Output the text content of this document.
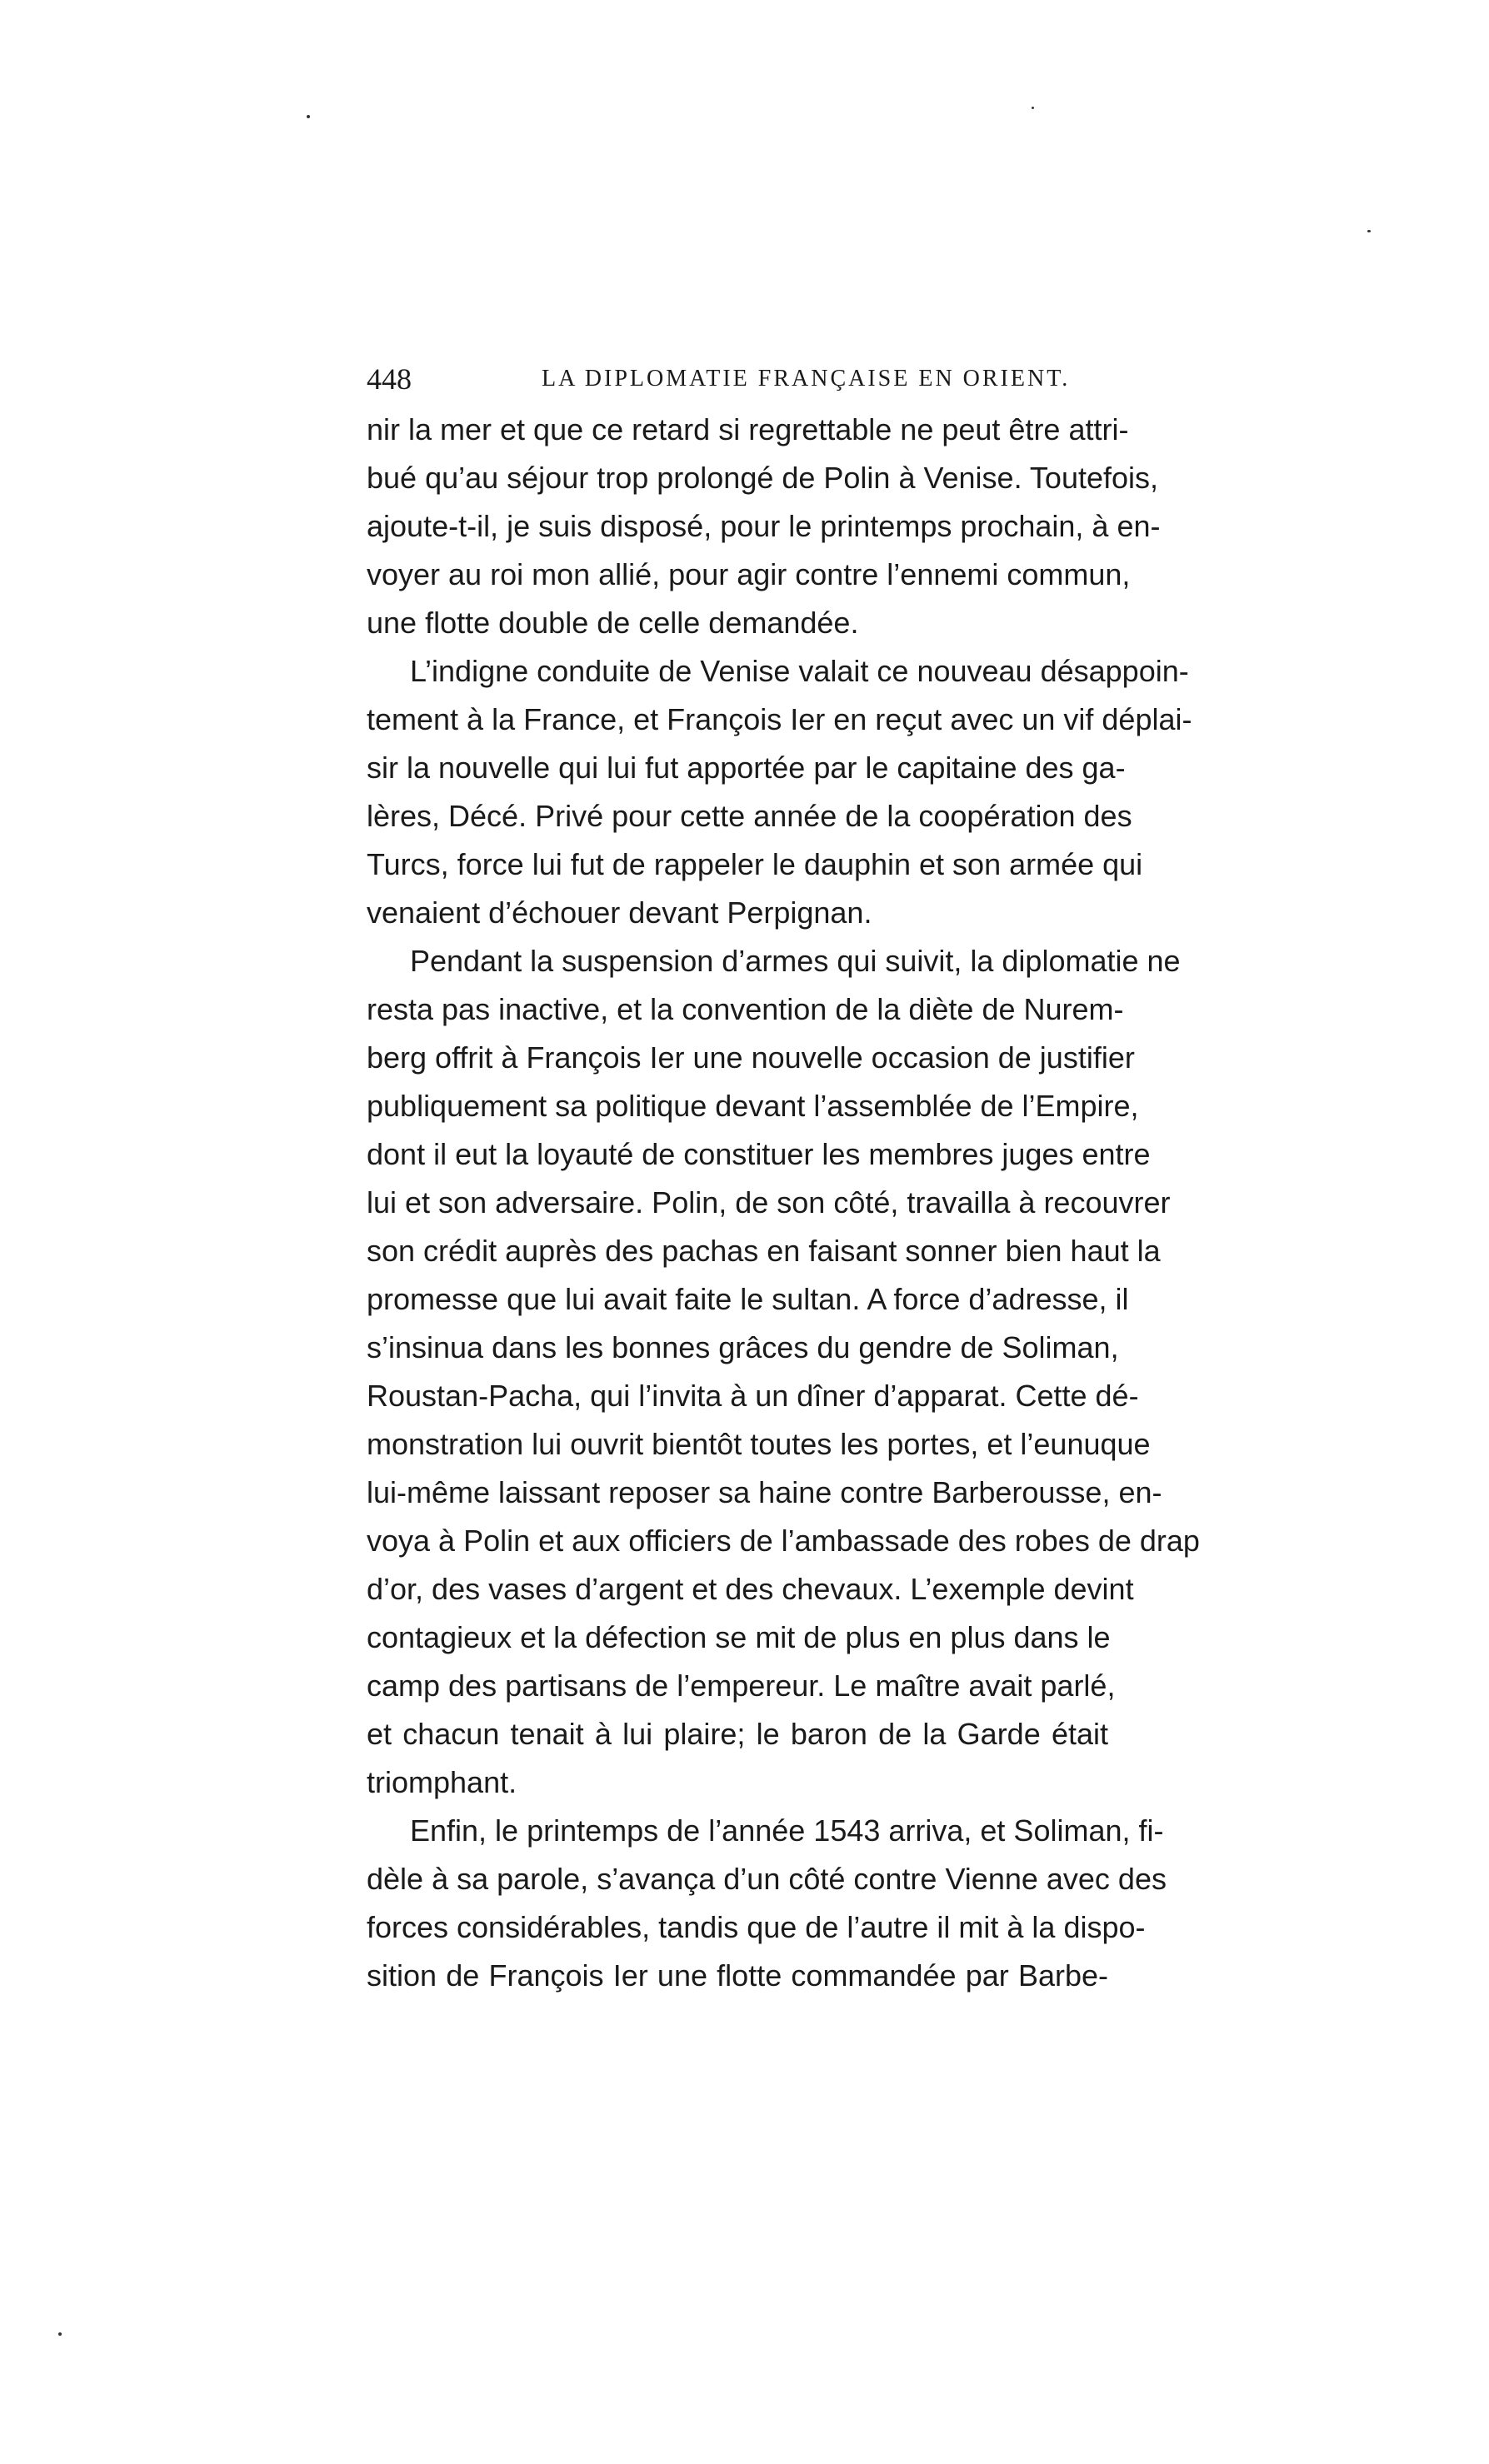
448	LA DIPLOMATIE FRANÇAISE EN ORIENT.
nir la mer et que ce retard si regrettable ne peut être attri-
bué qu’au séjour trop prolongé de Polin à Venise. Toutefois,
ajoute-t-il, je suis disposé, pour le printemps prochain, à en-
voyer au roi mon allié, pour agir contre l’ennemi commun,
une flotte double de celle demandée.
L’indigne conduite de Venise valait ce nouveau désappoin-
tement à la France, et François Ier en reçut avec un vif déplai-
sir la nouvelle qui lui fut apportée par le capitaine des ga-
lères, Décé. Privé pour cette année de la coopération des
Turcs, force lui fut de rappeler le dauphin et son armée qui
venaient d’échouer devant Perpignan.
Pendant la suspension d’armes qui suivit, la diplomatie ne
resta pas inactive, et la convention de la diète de Nurem-
berg offrit à François Ier une nouvelle occasion de justifier
publiquement sa politique devant l’assemblée de l’Empire,
dont il eut la loyauté de constituer les membres juges entre
lui et son adversaire. Polin, de son côté, travailla à recouvrer
son crédit auprès des pachas en faisant sonner bien haut la
promesse que lui avait faite le sultan. A force d’adresse, il
s’insinua dans les bonnes grâces du gendre de Soliman,
Roustan-Pacha, qui l’invita à un dîner d’apparat. Cette dé-
monstration lui ouvrit bientôt toutes les portes, et l’eunuque
lui-même laissant reposer sa haine contre Barberousse, en-
voya à Polin et aux officiers de l’ambassade des robes de drap
d’or, des vases d’argent et des chevaux. L’exemple devint
contagieux et la défection se mit de plus en plus dans le
camp des partisans de l’empereur. Le maître avait parlé,
et chacun tenait à lui plaire; le baron de la Garde était
triomphant.
Enfin, le printemps de l’année 1543 arriva, et Soliman, fi-
dèle à sa parole, s’avança d’un côté contre Vienne avec des
forces considérables, tandis que de l’autre il mit à la dispo-
sition de François Ier une flotte commandée par Barbe-
